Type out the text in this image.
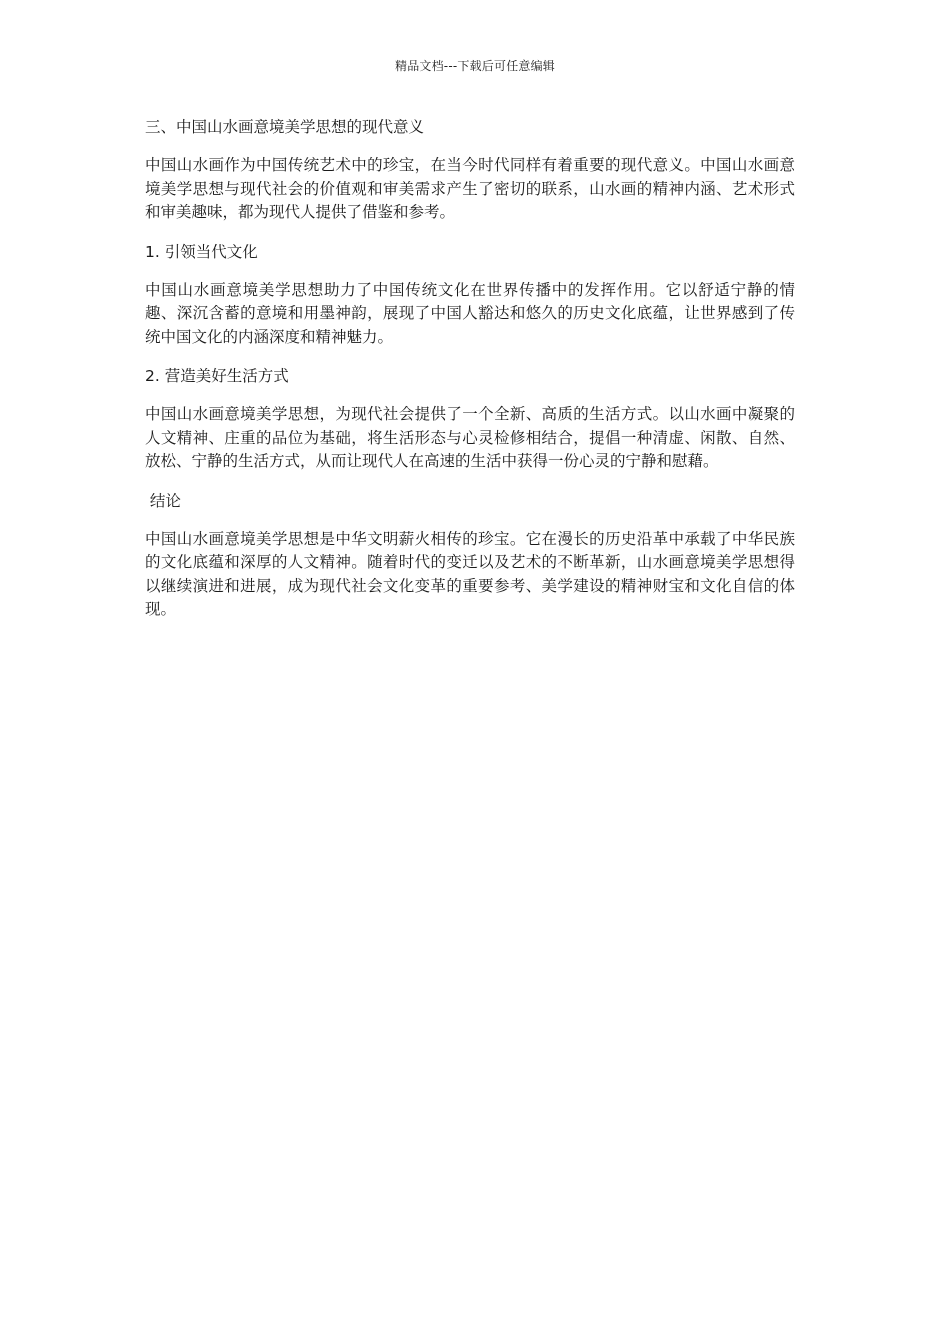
精品文档---下载后可任意编辑
三、中国山水画意境美学思想的现代意义
中国山水画作为中国传统艺术中的珍宝，在当今时代同样有着重要的现代意义。中国山水画意境美学思想与现代社会的价值观和审美需求产生了密切的联系，山水画的精神内涵、艺术形式和审美趣味，都为现代人提供了借鉴和参考。
1. 引领当代文化
中国山水画意境美学思想助力了中国传统文化在世界传播中的发挥作用。它以舒适宁静的情趣、深沉含蓄的意境和用墨神韵，展现了中国人豁达和悠久的历史文化底蕴，让世界感到了传统中国文化的内涵深度和精神魅力。
2. 营造美好生活方式
中国山水画意境美学思想，为现代社会提供了一个全新、高质的生活方式。以山水画中凝聚的人文精神、庄重的品位为基础，将生活形态与心灵检修相结合，提倡一种清虚、闲散、自然、放松、宁静的生活方式，从而让现代人在高速的生活中获得一份心灵的宁静和慰藉。
结论
中国山水画意境美学思想是中华文明薪火相传的珍宝。它在漫长的历史沿革中承载了中华民族的文化底蕴和深厚的人文精神。随着时代的变迁以及艺术的不断革新，山水画意境美学思想得以继续演进和进展，成为现代社会文化变革的重要参考、美学建设的精神财宝和文化自信的体现。
